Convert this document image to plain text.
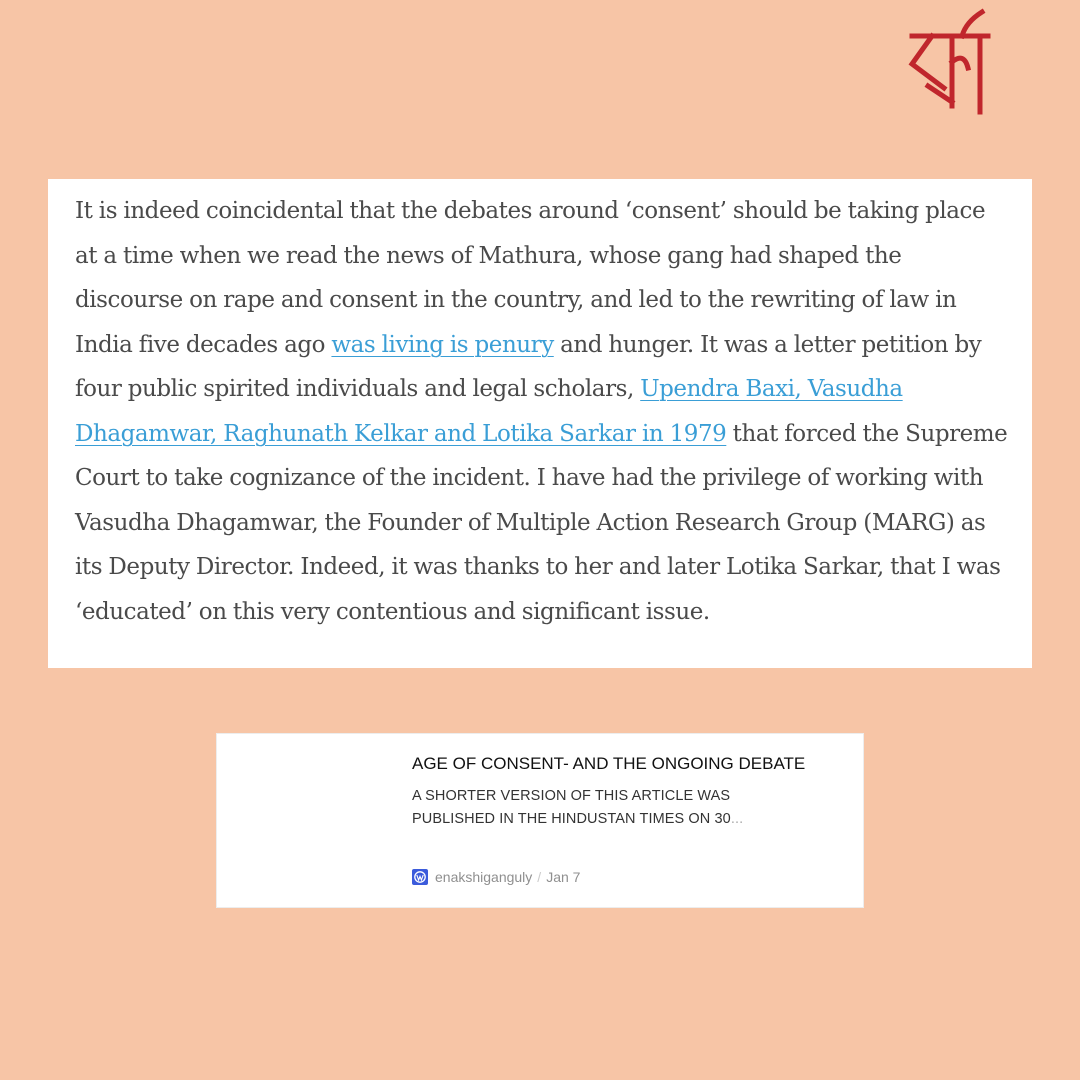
It is indeed coincidental that the debates around ‘consent’ should be taking place at a time when we read the news of Mathura, whose gang had shaped the discourse on rape and consent in the country, and led to the rewriting of law in India five decades ago was living is penury and hunger. It was a letter petition by four public spirited individuals and legal scholars, Upendra Baxi, Vasudha Dhagamwar, Raghunath Kelkar and Lotika Sarkar in 1979 that forced the Supreme Court to take cognizance of the incident. I have had the privilege of working with Vasudha Dhagamwar, the Founder of Multiple Action Research Group (MARG) as its Deputy Director. Indeed, it was thanks to her and later Lotika Sarkar, that I was ‘educated’ on this very contentious and significant issue.

AGE OF CONSENT- AND THE ONGOING DEBATE
A SHORTER VERSION OF THIS ARTICLE WAS PUBLISHED IN THE HINDUSTAN TIMES ON 30...
enakshiganguly / Jan 7
